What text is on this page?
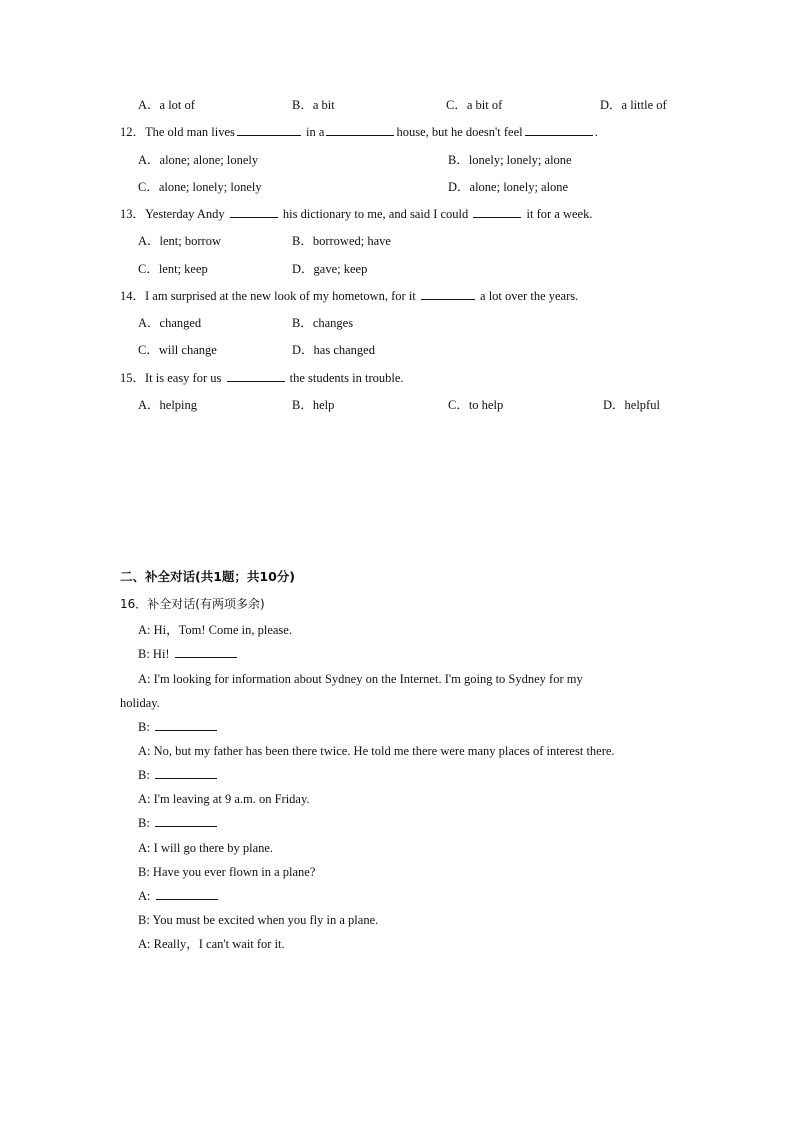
A．a lot of	B．a bit	C．a bit of	D．a little of
12．The old man lives	in a	house, but he doesn't feel	.
A．alone; alone; lonely	B．lonely; lonely; alone
C．alone; lonely; lonely	D．alone; lonely; alone
13．Yesterday Andy	his dictionary to me, and said I could	it for a week.
A．lent; borrow	B．borrowed; have
C．lent; keep	D．gave; keep
14．I am surprised at the new look of my hometown, for it	a lot over the years.
A．changed	B．changes
C．will change	D．has changed
15．It is easy for us	the students in trouble.
A．helping	B．help	C．to help	D．helpful
二、补全对话(共1题；共10分)
16．补全对话(有两项多余)
A: Hi，Tom! Come in, please.
B: Hi!
A: I'm looking for information about Sydney on the Internet. I'm going to Sydney for my
holiday.
B:
A: No, but my father has been there twice. He told me there were many places of interest there.
B:
A: I'm leaving at 9 a.m. on Friday.
B:
A: I will go there by plane.
B: Have you ever flown in a plane?
A:
B: You must be excited when you fly in a plane.
A: Really，I can't wait for it.
